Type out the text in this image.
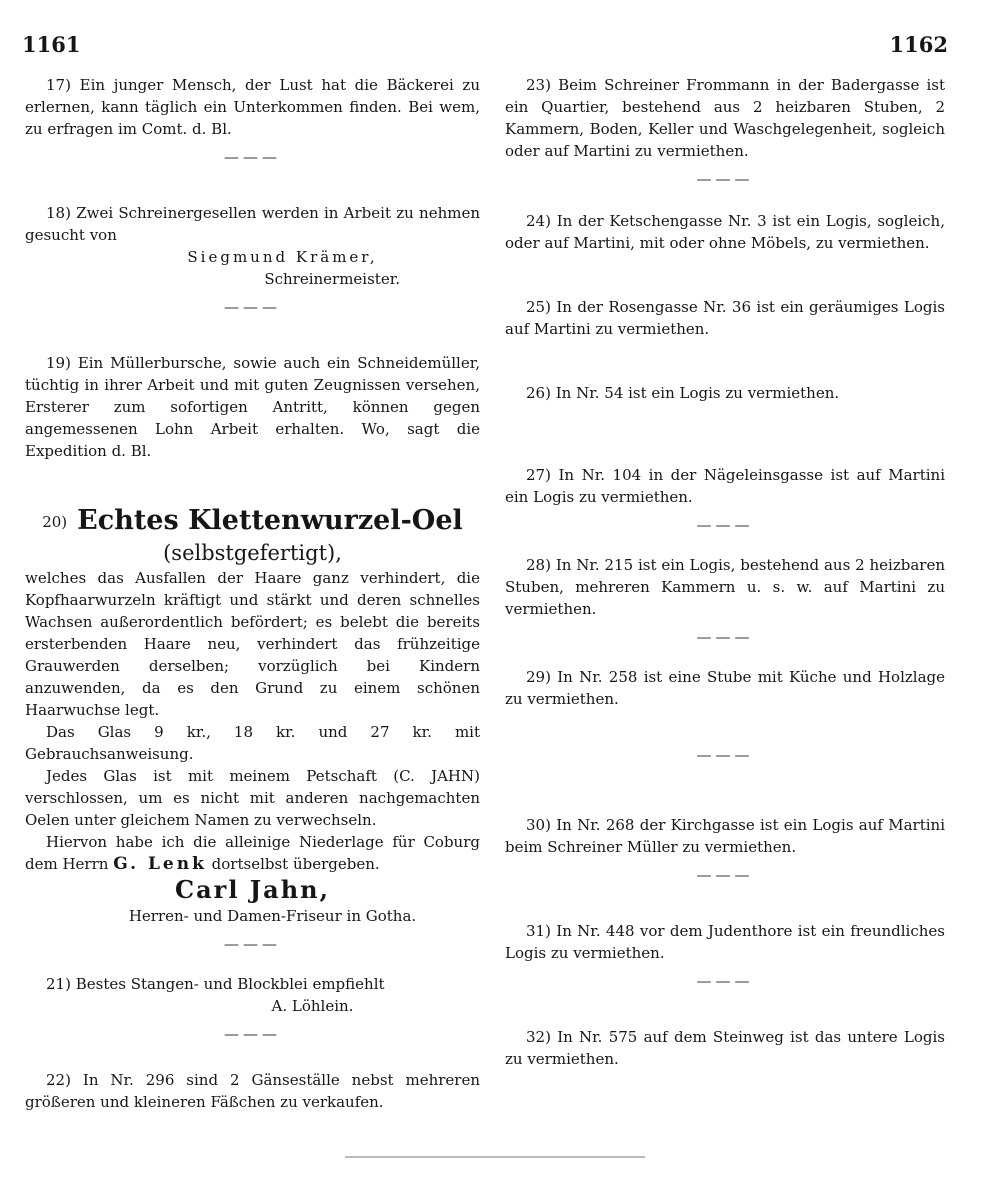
1161	1162
17) Ein junger Mensch, der Lust hat die Bäckerei zu erlernen, kann täglich ein Unterkommen finden. Bei wem, zu erfragen im Comt. d. Bl.
———
18) Zwei Schreinergesellen werden in Arbeit zu nehmen gesucht von
Siegmund Krämer,
Schreinermeister.
———
19) Ein Müllerbursche, sowie auch ein Schneidemüller, tüchtig in ihrer Arbeit und mit guten Zeugnissen versehen, Ersterer zum sofortigen Antritt, können gegen angemessenen Lohn Arbeit erhalten. Wo, sagt die Expedition d. Bl.
20) Echtes Klettenwurzel-Oel
(selbstgefertigt),

welches das Ausfallen der Haare ganz verhindert, die Kopfhaarwurzeln kräftigt und stärkt und deren schnelles Wachsen außerordentlich befördert; es belebt die bereits ersterbenden Haare neu, verhindert das frühzeitige Grauwerden derselben; vorzüglich bei Kindern anzuwenden, da es den Grund zu einem schönen Haarwuchse legt.

Das Glas 9 kr., 18 kr. und 27 kr. mit Gebrauchsanweisung.

Jedes Glas ist mit meinem Petschaft (C. JAHN) verschlossen, um es nicht mit anderen nachgemachten Oelen unter gleichem Namen zu verwechseln.

Hiervon habe ich die alleinige Niederlage für Coburg dem Herrn G. Lenk dortselbst übergeben.

Carl Jahn,
Herren- und Damen-Friseur in Gotha.
———
21) Bestes Stangen- und Blockblei empfiehlt
A. Löhlein.
———
22) In Nr. 296 sind 2 Gänseställe nebst mehreren größeren und kleineren Fäßchen zu verkaufen.
23) Beim Schreiner Frommann in der Badergasse ist ein Quartier, bestehend aus 2 heizbaren Stuben, 2 Kammern, Boden, Keller und Waschgelegenheit, sogleich oder auf Martini zu vermiethen.
———
24) In der Ketschengasse Nr. 3 ist ein Logis, sogleich, oder auf Martini, mit oder ohne Möbels, zu vermiethen.
25) In der Rosengasse Nr. 36 ist ein geräumiges Logis auf Martini zu vermiethen.
26) In Nr. 54 ist ein Logis zu vermiethen.
27) In Nr. 104 in der Nägeleinsgasse ist auf Martini ein Logis zu vermiethen.
———
28) In Nr. 215 ist ein Logis, bestehend aus 2 heizbaren Stuben, mehreren Kammern u. s. w. auf Martini zu vermiethen.
———
29) In Nr. 258 ist eine Stube mit Küche und Holzlage zu vermiethen.
———
30) In Nr. 268 der Kirchgasse ist ein Logis auf Martini beim Schreiner Müller zu vermiethen.
———
31) In Nr. 448 vor dem Judenthore ist ein freundliches Logis zu vermiethen.
———
32) In Nr. 575 auf dem Steinweg ist das untere Logis zu vermiethen.
